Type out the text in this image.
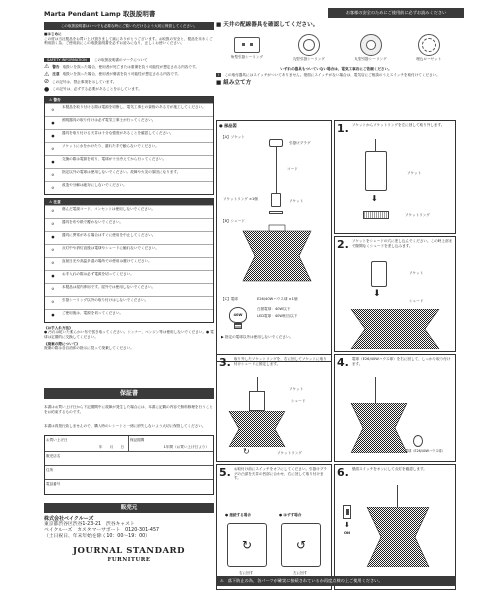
Marta Pendant Lamp 取扱説明書	お客様の安全のためにご使用前に必ずお読みください
この取扱説明書はいつでも必要な時にご覧いただけるよう大切に保管してください。
■はじめに
この度は当社製品をお買い上げ頂きまして誠にありがとうございます。お取扱の安全と、製品を末永くご利用頂く為、ご使用前にこの取扱説明書を必ずお読みになり、正しくお使いください。
SAFETY INFORMATION	この取扱説明書のマークについて
⚠ 警告 取扱いを誤った場合、使用者が死亡または重傷を負う可能性が想定される内容です。
⚠ 注意 取扱いを誤った場合、使用者が傷害を負う可能性が想定される内容です。
⊘ この記号は、禁止事項を示しています。
● この記号は、必ずする必要があることを示しています。
⚠ 警告
⊘
本製品を取り付ける際は電源を切断し、電気工事士の資格のある方が施工してください。
●
照明器具の取り付けは必ず電気工事士が行ってください。
●
器具を取り付ける天井は十分な強度があることを確認してください。
⊘
ソケットに水をかけたり、濡れた手で触らないでください。
●
交換の際は電源を切り、電球が十分冷えてから行ってください。
⊘
指定以外の電球は使用しないでください。故障や火災の原因になります。
⊘
改造や分解は絶対にしないでください。
⚠ 注意
⊘
傷んだ電源コード、コンセントは使用しないでください。
⊘
器具を布や紙で覆わないでください。
●
器具に異常がある場合はすぐに使用を中止してください。
⊘
点灯中や消灯直後は電球やシェードに触れないでください。
⊘
直射日光や高温多湿の場所での使用は避けてください。
●
お手入れの際は必ず電源を切ってください。
⊘
本製品は屋内専用です。屋外では使用しないでください。
⊘
引掛シーリング以外の取り付けはしないでください。
●
ご使用後は、電源を切ってください。
《お手入れ方法》
● 汚れは乾いた柔らかい布で拭き取ってください。シンナー、ベンジン等は使用しないでください。● 電球は定期的に交換してください。
《廃棄の際について》
廃棄の際は各自治体の指示に従って廃棄してください。
保証書
本書はお買い上げ日から下記期間中に故障が発生した場合には、本書に記載の内容で無料修理を行うことをお約束するものです。
本書は再発行致しませんので、購入時のレシートと一緒に紛失しないよう大切に保管してください。
お買い上げ日
年　　月　　日
保証期間
1年間（お買い上げ日より）
販売店名
住所
電話番号
販売元
株式会社ベイクルーズ
東京都渋谷区渋谷1-23-21　渋谷キャスト
ベイクルーズ　カスタマーサポート　0120-301-457
（土日祝日、年末年始を除く10：00～19：00）
JOURNAL STANDARD
FURNITURE
■ 天井の配線器具を確認してください。
角型引掛シーリング
丸型引掛シーリング	丸型引掛シーリング	埋込ローゼット
いずれの器具もついていない場合は、電気工事店にご依頼ください。
!	この取付器具にはスイッチがついてありません。壁面にスイッチがない場合は、電気店にご相談のうえスイッチを取付けてください。
■ 組み立て方
● 部品図
【A】ソケット
引掛けプラグ
コード
ソケットリング ×1個	ソケット
【B】シェード
【C】電球	E26/40Wハウス球 ×1個
40W
白熱電球：40W以下
LED電球：40W相当以下
▶ 指定の電球以外は使用しないでください。
1. ソケットからソケットリングを左に回して取り外します。
ソケット
⬇
ソケットリング
2. ソケットをシェードの穴に差し込んでください。この時上部まで隙間なくシェードを差し込みます。
ソケット
⬇
シェード
3. 取り外したソケットリングを、右に回してソケットに取り付けシェードに固定します。
ソケット
シェード
↻	ソケットリング
4. 電球（E26/40Wハウス球）を右に回して、しっかり取り付けます。
電球（E26/40Wハウス球）
5. お取付け前にスイッチをオフにしてください。引掛けプラグの凸部を天井の凹部に合わせ、右に回して取り付けます。
● 接続する場合	● はずす場合
↻	↺
右に回す	左に回す
6. 壁面スイッチをオンにして点灯を確認します。
⬇
ON
⚠ 落下防止の為、各パーツが確実に接続されているか再度点検の上ご使用ください。
